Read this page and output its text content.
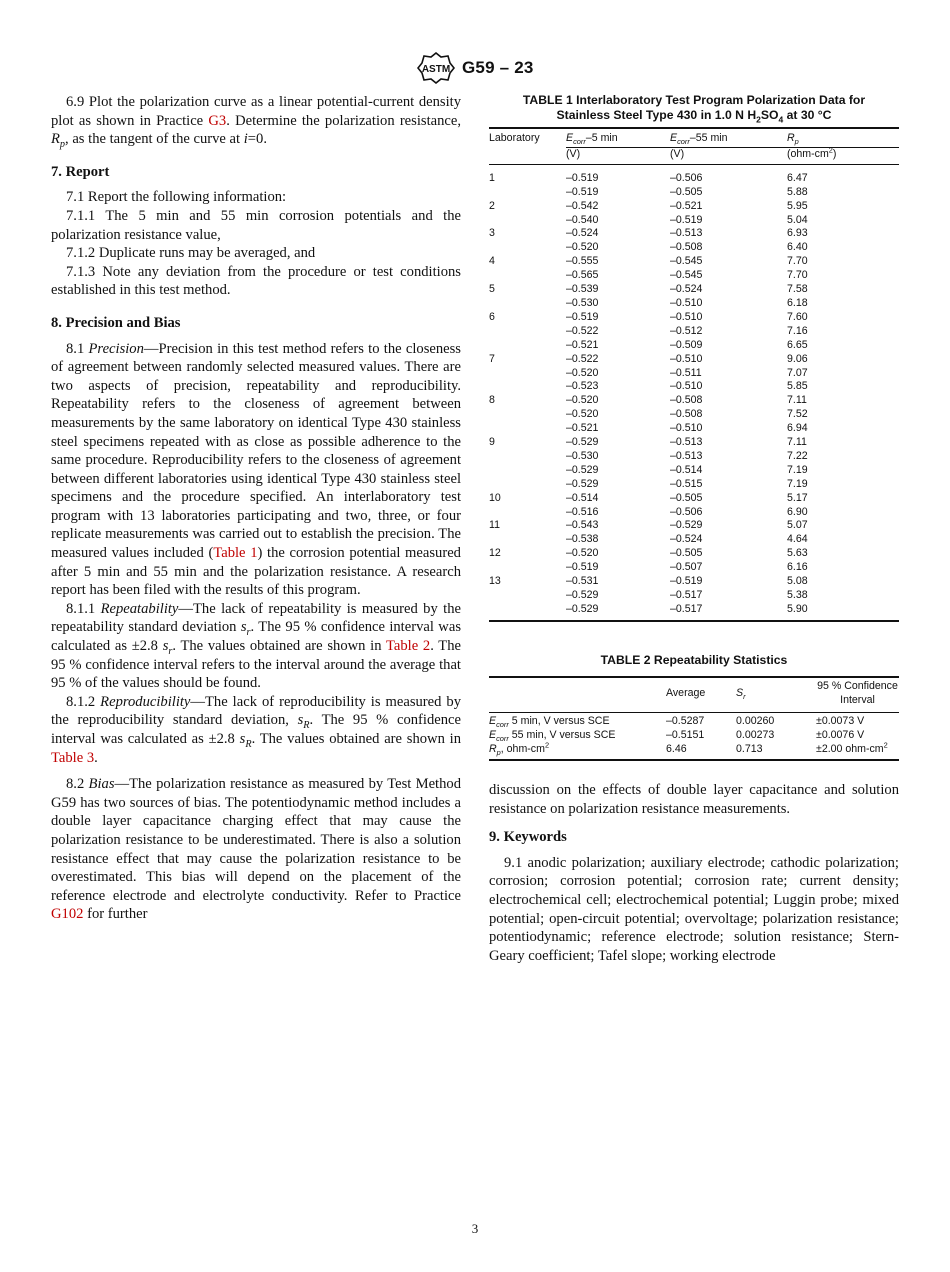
ASTM G59 – 23

6.9 Plot the polarization curve as a linear potential-current density plot as shown in Practice G3. Determine the polarization resistance, $R_p$, as the tangent of the curve at i=0.

7. Report

7.1 Report the following information:

7.1.1 The 5 min and 55 min corrosion potentials and the polarization resistance value,

7.1.2 Duplicate runs may be averaged, and

7.1.3 Note any deviation from the procedure or test conditions established in this test method.

8. Precision and Bias

8.1 Precision—Precision in this test method refers to the closeness of agreement between randomly selected measured values. There are two aspects of precision, repeatability and reproducibility. Repeatability refers to the closeness of agreement between measurements by the same laboratory on identical Type 430 stainless steel specimens repeated with as close as possible adherence to the same procedure. Reproducibility refers to the closeness of agreement between different laboratories using identical Type 430 stainless steel specimens and the procedure specified. An interlaboratory test program with 13 laboratories participating and two, three, or four replicate measurements was carried out to establish the precision. The measured values included (Table 1) the corrosion potential measured after 5 min and 55 min and the polarization resistance. A research report has been filed with the results of this program.

8.1.1 Repeatability—The lack of repeatability is measured by the repeatability standard deviation $s_r$. The 95 % confidence interval was calculated as ±2.8 $s_r$. The values obtained are shown in Table 2. The 95 % confidence interval refers to the interval around the average that 95 % of the values should be found.

8.1.2 Reproducibility—The lack of reproducibility is measured by the reproducibility standard deviation, $s_R$. The 95 % confidence interval was calculated as ±2.8 $s_R$. The values obtained are shown in Table 3.

8.2 Bias—The polarization resistance as measured by Test Method G59 has two sources of bias. The potentiodynamic method includes a double layer capacitance charging effect that may cause the polarization resistance to be underestimated. There is also a solution resistance effect that may cause the polarization resistance to be overestimated. This bias will depend on the placement of the reference electrode and electrolyte conductivity. Refer to Practice G102 for further

TABLE 1 Interlaboratory Test Program Polarization Data for
Stainless Steel Type 430 in 1.0 N $H_2SO_4$ at 30 °C

Laboratory	$E_{corr}-5$ min	$E_{corr}-55$ min	$R_p$
	(V)	(V)	$(ohm-cm^2)$
1	–0.519	–0.506	6.47
	–0.519	–0.505	5.88
2	–0.542	–0.521	5.95
	–0.540	–0.519	5.04
3	–0.524	–0.513	6.93
	–0.520	–0.508	6.40
4	–0.555	–0.545	7.70
	–0.565	–0.545	7.70
5	–0.539	–0.524	7.58
	–0.530	–0.510	6.18
6	–0.519	–0.510	7.60
	–0.522	–0.512	7.16
	–0.521	–0.509	6.65
7	–0.522	–0.510	9.06
	–0.520	–0.511	7.07
	–0.523	–0.510	5.85
8	–0.520	–0.508	7.11
	–0.520	–0.508	7.52
	–0.521	–0.510	6.94
9	–0.529	–0.513	7.11
	–0.530	–0.513	7.22
	–0.529	–0.514	7.19
	–0.529	–0.515	7.19
10	–0.514	–0.505	5.17
	–0.516	–0.506	6.90
11	–0.543	–0.529	5.07
	–0.538	–0.524	4.64
12	–0.520	–0.505	5.63
	–0.519	–0.507	6.16
13	–0.531	–0.519	5.08
	–0.529	–0.517	5.38
	–0.529	–0.517	5.90

TABLE 2 Repeatability Statistics

	Average	$S_r$	95 % Confidence
Interval
$E_{corr}$ 5 min, V versus SCE	–0.5287	0.00260	±0.0073 V
$E_{corr}$ 55 min, V versus SCE	–0.5151	0.00273	±0.0076 V
$R_p$, ohm-$cm^2$	6.46	0.713	±2.00 ohm-$cm^2$

discussion on the effects of double layer capacitance and solution resistance on polarization resistance measurements.

9. Keywords

9.1 anodic polarization; auxiliary electrode; cathodic polarization; corrosion; corrosion potential; corrosion rate; current density; electrochemical cell; electrochemical potential; Luggin probe; mixed potential; open-circuit potential; overvoltage; polarization resistance; potentiodynamic; reference electrode; solution resistance; Stern-Geary coefficient; Tafel slope; working electrode

3
